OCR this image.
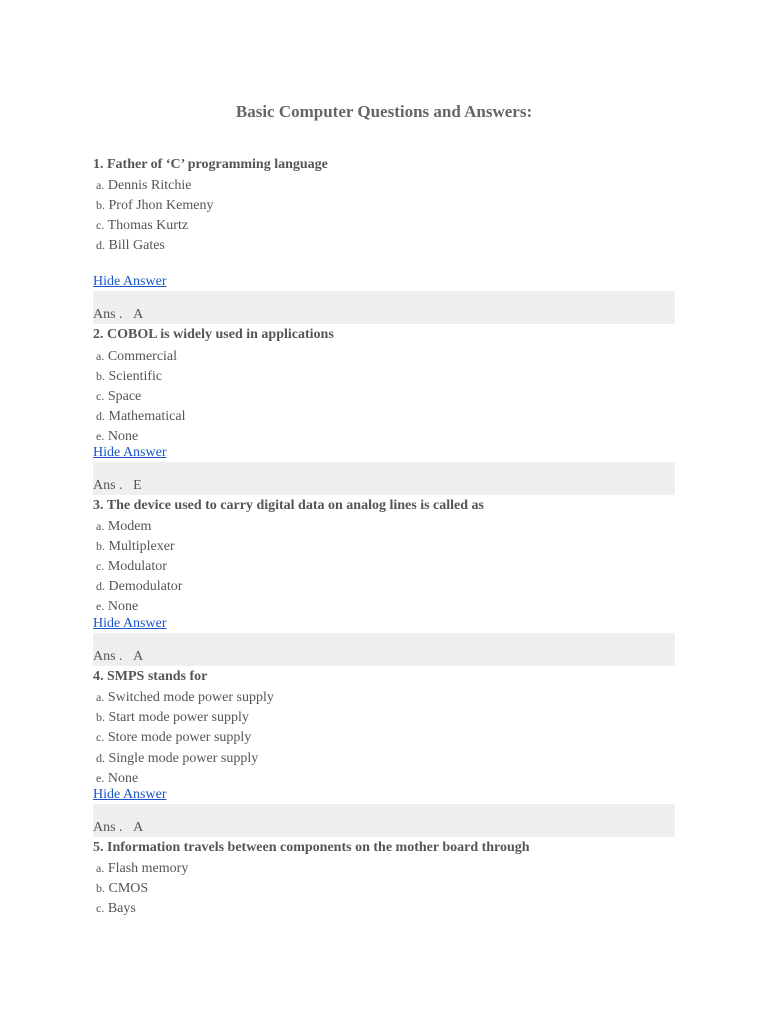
Basic Computer Questions and Answers:
1. Father of ‘C’ programming language
a. Dennis Ritchie
b. Prof Jhon Kemeny
c. Thomas Kurtz
d. Bill Gates
Hide Answer
Ans . A
2. COBOL is widely used in applications
a. Commercial
b. Scientific
c. Space
d. Mathematical
e. None
Hide Answer
Ans . E
3. The device used to carry digital data on analog lines is called as
a. Modem
b. Multiplexer
c. Modulator
d. Demodulator
e. None
Hide Answer
Ans . A
4. SMPS stands for
a. Switched mode power supply
b. Start mode power supply
c. Store mode power supply
d. Single mode power supply
e. None
Hide Answer
Ans . A
5. Information travels between components on the mother board through
a. Flash memory
b. CMOS
c. Bays
